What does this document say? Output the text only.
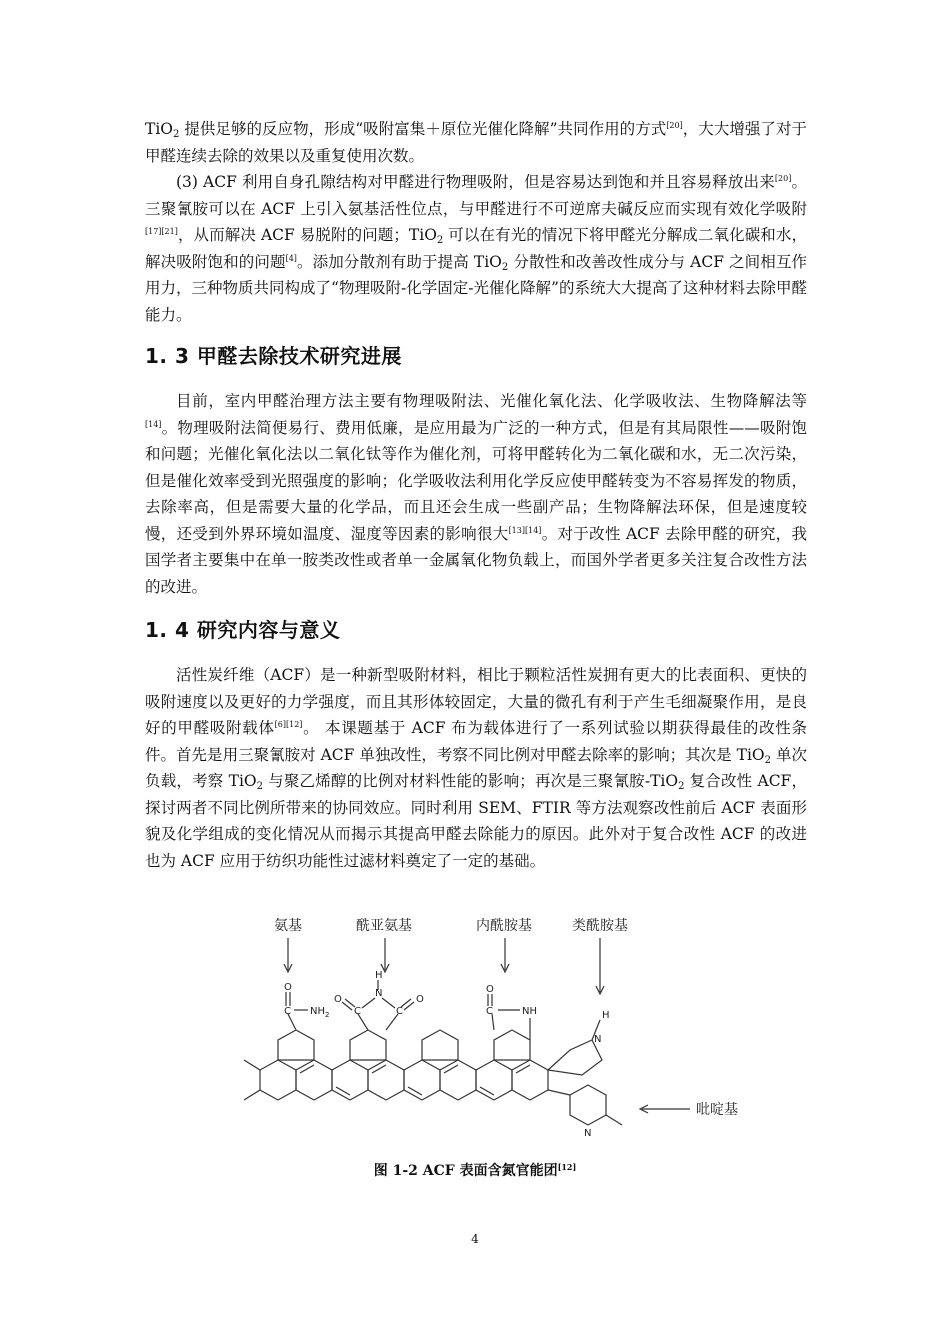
TiO$_2$ 提供足够的反应物，形成“吸附富集＋原位光催化降解”共同作用的方式[20]，大大增强了对于甲醛连续去除的效果以及重复使用次数。

(3) ACF 利用自身孔隙结构对甲醛进行物理吸附，但是容易达到饱和并且容易释放出来[20]。三聚氰胺可以在 ACF 上引入氨基活性位点，与甲醛进行不可逆席夫碱反应而实现有效化学吸附[17][21]，从而解决 ACF 易脱附的问题；TiO$_2$ 可以在有光的情况下将甲醛光分解成二氧化碳和水，解决吸附饱和的问题[4]。添加分散剂有助于提高 TiO$_2$ 分散性和改善改性成分与 ACF 之间相互作用力，三种物质共同构成了“物理吸附-化学固定-光催化降解”的系统大大提高了这种材料去除甲醛能力。

1. 3 甲醛去除技术研究进展

目前，室内甲醛治理方法主要有物理吸附法、光催化氧化法、化学吸收法、生物降解法等[14]。物理吸附法简便易行、费用低廉，是应用最为广泛的一种方式，但是有其局限性——吸附饱和问题；光催化氧化法以二氧化钛等作为催化剂，可将甲醛转化为二氧化碳和水，无二次污染，但是催化效率受到光照强度的影响；化学吸收法利用化学反应使甲醛转变为不容易挥发的物质，去除率高，但是需要大量的化学品，而且还会生成一些副产品；生物降解法环保，但是速度较慢，还受到外界环境如温度、湿度等因素的影响很大[13][14]。对于改性 ACF 去除甲醛的研究，我国学者主要集中在单一胺类改性或者单一金属氧化物负载上，而国外学者更多关注复合改性方法的改进。

1. 4 研究内容与意义

活性炭纤维（ACF）是一种新型吸附材料，相比于颗粒活性炭拥有更大的比表面积、更快的吸附速度以及更好的力学强度，而且其形体较固定，大量的微孔有利于产生毛细凝聚作用，是良好的甲醛吸附载体[6][12]。 本课题基于 ACF 布为载体进行了一系列试验以期获得最佳的改性条件。首先是用三聚氰胺对 ACF 单独改性，考察不同比例对甲醛去除率的影响；其次是 TiO$_2$ 单次负载，考察 TiO$_2$ 与聚乙烯醇的比例对材料性能的影响；再次是三聚氰胺-TiO$_2$ 复合改性 ACF，探讨两者不同比例所带来的协同效应。同时利用 SEM、FTIR 等方法观察改性前后 ACF 表面形貌及化学组成的变化情况从而揭示其提高甲醛去除能力的原因。此外对于复合改性 ACF 的改进也为 ACF 应用于纺织功能性过滤材料奠定了一定的基础。

氨基	酰亚氨基	内酰胺基	类酰胺基
吡啶基
O
C NH 2
H
N
O
C	C
O
O
C	NH	H
N
N
图 1-2 ACF 表面含氮官能团[12]
4
